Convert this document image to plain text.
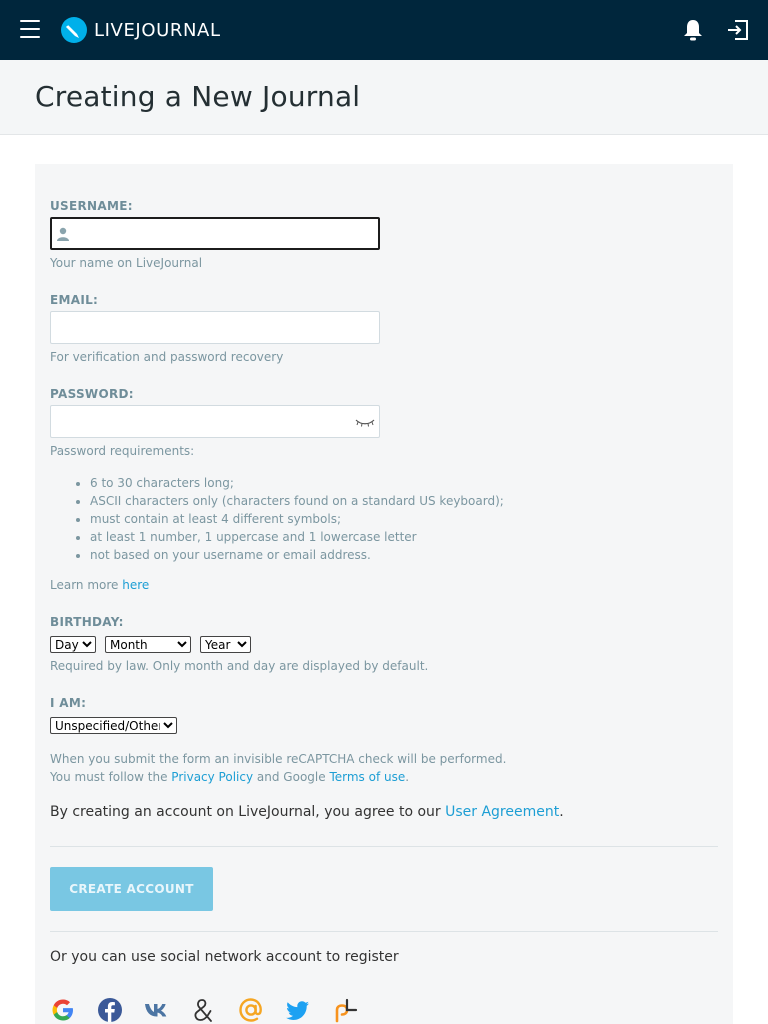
LIVEJOURNAL
Creating a New Journal
USERNAME:
Your name on LiveJournal
EMAIL:
For verification and password recovery
PASSWORD:
Password requirements:
• 6 to 30 characters long;
• ASCII characters only (characters found on a standard US keyboard);
• must contain at least 4 different symbols;
• at least 1 number, 1 uppercase and 1 lowercase letter
• not based on your username or email address.
Learn more here
BIRTHDAY:
Day
Month
Year
Required by law. Only month and day are displayed by default.
I AM:
Unspecified/Other
When you submit the form an invisible reCAPTCHA check will be performed.
You must follow the Privacy Policy and Google Terms of use.
By creating an account on LiveJournal, you agree to our User Agreement.
CREATE ACCOUNT
Or you can use social network account to register
